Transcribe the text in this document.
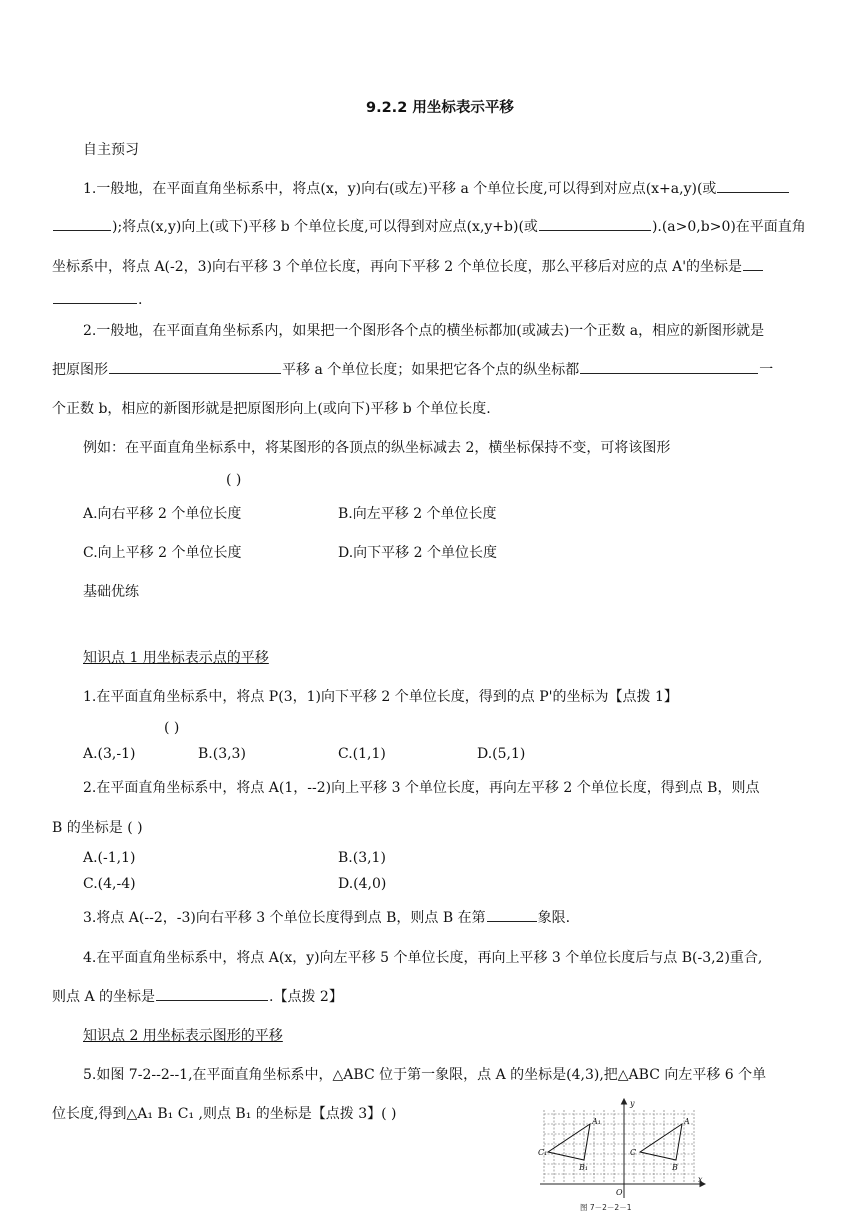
9.2.2 用坐标表示平移
自主预习
1.一般地，在平面直角坐标系中，将点(x，y)向右(或左)平移 a 个单位长度,可以得到对应点(x+a,y)(或
);将点(x,y)向上(或下)平移 b 个单位长度,可以得到对应点(x,y+b)(或	).(a>0,b>0)在平面直角
坐标系中，将点 A(-2，3)向右平移 3 个单位长度，再向下平移 2 个单位长度，那么平移后对应的点 A'的坐标是
.
2.一般地，在平面直角坐标系内，如果把一个图形各个点的横坐标都加(或减去)一个正数 a，相应的新图形就是
把原图形	平移 a 个单位长度；如果把它各个点的纵坐标都	一
个正数 b，相应的新图形就是把原图形向上(或向下)平移 b 个单位长度.
例如：在平面直角坐标系中，将某图形的各顶点的纵坐标减去 2，横坐标保持不变，可将该图形
( )
A.向右平移 2 个单位长度	B.向左平移 2 个单位长度
C.向上平移 2 个单位长度	D.向下平移 2 个单位长度
基础优练
知识点 1 用坐标表示点的平移
1.在平面直角坐标系中，将点 P(3，1)向下平移 2 个单位长度，得到的点 P'的坐标为【点拨 1】
( )
A.(3,-1)	B.(3,3)	C.(1,1)	D.(5,1)
2.在平面直角坐标系中，将点 A(1，--2)向上平移 3 个单位长度，再向左平移 2 个单位长度，得到点 B，则点
B 的坐标是 ( )
A.(-1,1)	B.(3,1)
C.(4,-4)	D.(4,0)
3.将点 A(--2，-3)向右平移 3 个单位长度得到点 B，则点 B 在第	象限.
4.在平面直角坐标系中，将点 A(x，y)向左平移 5 个单位长度，再向上平移 3 个单位长度后与点 B(-3,2)重合,
则点 A 的坐标是	.【点拨 2】
知识点 2 用坐标表示图形的平移
5.如图 7-2--2--1,在平面直角坐标系中，△ABC 位于第一象限，点 A 的坐标是(4,3),把△ABC 向左平移 6 个单
位长度,得到△A₁ B₁ C₁ ,则点 B₁ 的坐标是【点拨 3】( )
y
x
O
A₁
C₁
B₁
A
C
B
图 7－2－2－1
